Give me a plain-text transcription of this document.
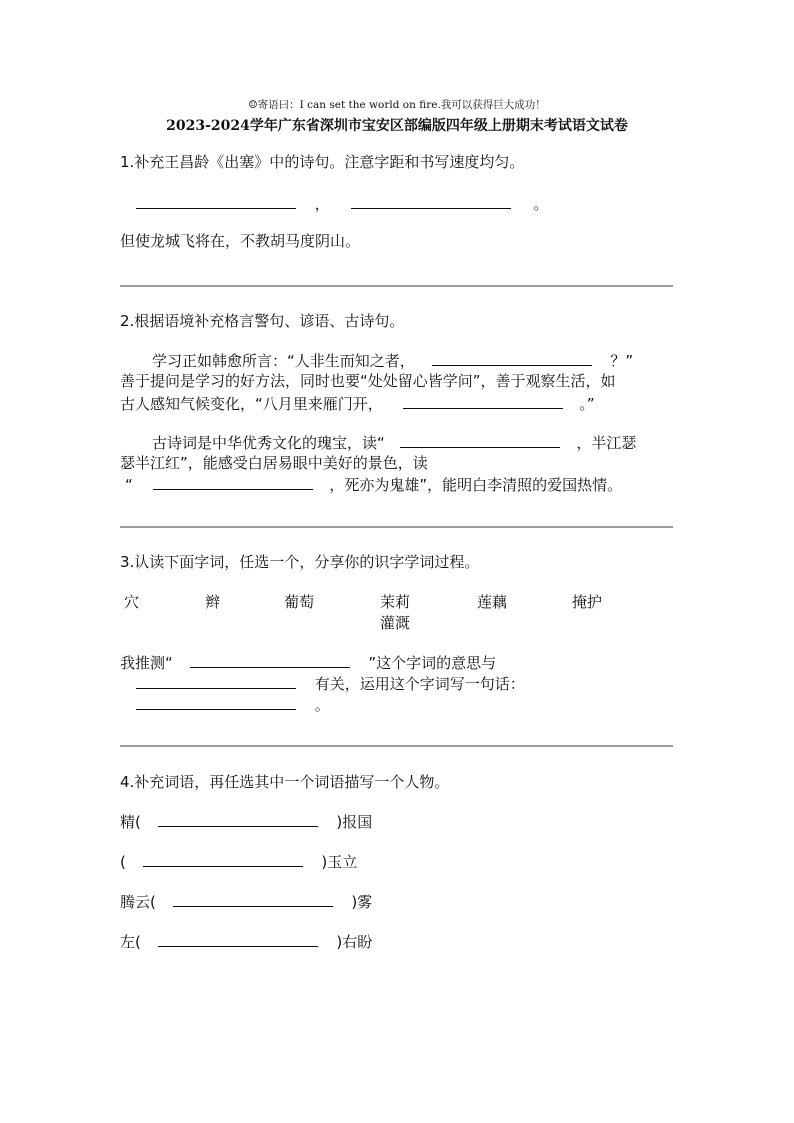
☺寄语曰：I can set the world on fire.我可以获得巨大成功！
2023-2024学年广东省深圳市宝安区部编版四年级上册期末考试语文试卷
1.补充王昌龄《出塞》中的诗句。注意字距和书写速度均匀。
，	。
但使龙城飞将在，不教胡马度阴山。
2.根据语境补充格言警句、谚语、古诗句。
学习正如韩愈所言：“人非生而知之者，	？”
善于提问是学习的好方法，同时也要“处处留心皆学问”，善于观察生活，如
古人感知气候变化，“八月里来雁门开，	。”
古诗词是中华优秀文化的瑰宝，读“	，半江瑟
瑟半江红”，能感受白居易眼中美好的景色，读
“	，死亦为鬼雄”，能明白李清照的爱国热情。
3.认读下面字词，任选一个，分享你的识字学词过程。
穴	辫	葡萄	茉莉	莲藕	掩护
灌溉
我推测“	”这个字词的意思与
有关，运用这个字词写一句话：
。
4.补充词语，再任选其中一个词语描写一个人物。
精(	)报国
(	)玉立
腾云(	)雾
左(	)右盼
